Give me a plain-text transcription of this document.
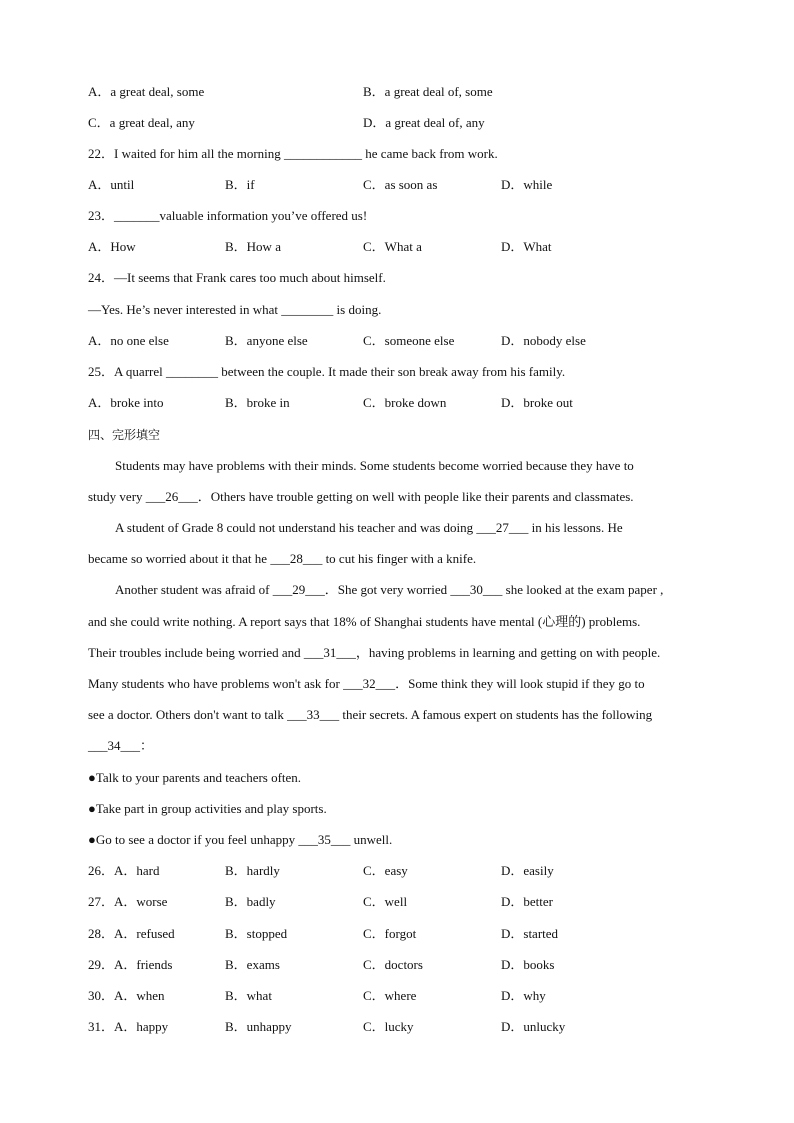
A．a great deal, some	B．a great deal of, some
C．a great deal, any	D．a great deal of, any
22．I waited for him all the morning ____________ he came back from work.
A．until	B．if	C．as soon as	D．while
23．_______valuable information you’ve offered us!
A．How	B．How a	C．What a	D．What
24．—It seems that Frank cares too much about himself.
—Yes. He’s never interested in what ________ is doing.
A．no one else	B．anyone else	C．someone else	D．nobody else
25．A quarrel ________ between the couple. It made their son break away from his family.
A．broke into	B．broke in	C．broke down	D．broke out
四、完形填空
Students may have problems with their minds. Some students become worried because they have to
study very ___26___．Others have trouble getting on well with people like their parents and classmates.
A student of Grade 8 could not understand his teacher and was doing ___27___ in his lessons. He
became so worried about it that he ___28___ to cut his finger with a knife.
Another student was afraid of ___29___．She got very worried ___30___ she looked at the exam paper ,
and she could write nothing. A report says that 18% of Shanghai students have mental (心理的) problems.
Their troubles include being worried and ___31___，having problems in learning and getting on with people.
Many students who have problems won't ask for ___32___．Some think they will look stupid if they go to
see a doctor. Others don't want to talk ___33___ their secrets. A famous expert on students has the following
___34___：
●Talk to your parents and teachers often.
●Take part in group activities and play sports.
●Go to see a doctor if you feel unhappy ___35___ unwell.
26．A．hard	B．hardly	C．easy	D．easily
27．A．worse	B．badly	C．well	D．better
28．A．refused	B．stopped	C．forgot	D．started
29．A．friends	B．exams	C．doctors	D．books
30．A．when	B．what	C．where	D．why
31．A．happy	B．unhappy	C．lucky	D．unlucky
